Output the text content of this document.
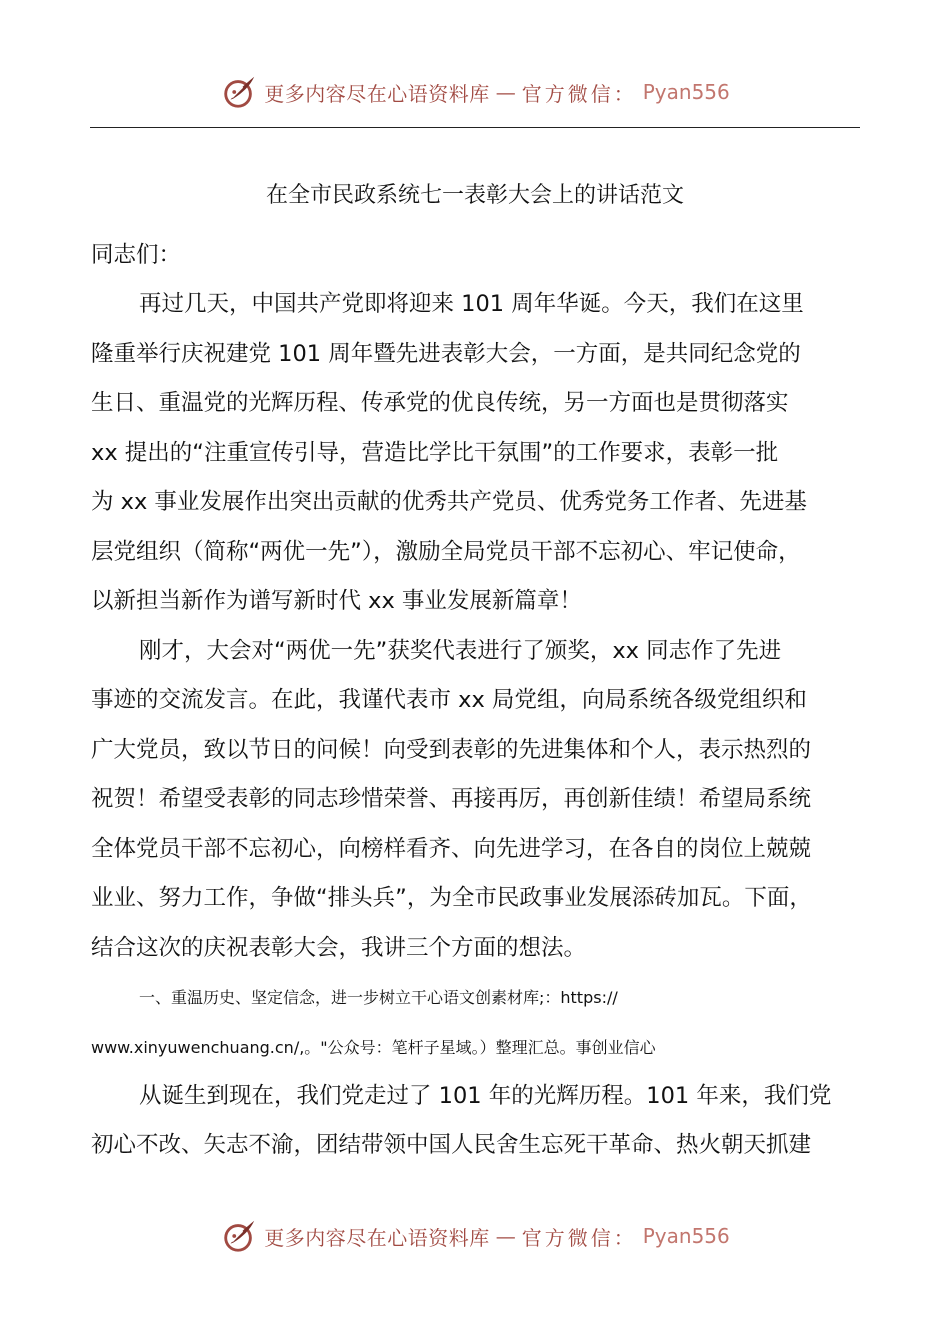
更多内容尽在心语资料库 — 官方微信： Pyan556
在全市民政系统七一表彰大会上的讲话范文
同志们：
再过几天，中国共产党即将迎来 101 周年华诞。今天，我们在这里
隆重举行庆祝建党 101 周年暨先进表彰大会，一方面，是共同纪念党的
生日、重温党的光辉历程、传承党的优良传统，另一方面也是贯彻落实
xx 提出的“注重宣传引导，营造比学比干氛围”的工作要求，表彰一批
为 xx 事业发展作出突出贡献的优秀共产党员、优秀党务工作者、先进基
层党组织（简称“两优一先”），激励全局党员干部不忘初心、牢记使命，
以新担当新作为谱写新时代 xx 事业发展新篇章！
刚才，大会对“两优一先”获奖代表进行了颁奖，xx 同志作了先进
事迹的交流发言。在此，我谨代表市 xx 局党组，向局系统各级党组织和
广大党员，致以节日的问候！向受到表彰的先进集体和个人，表示热烈的
祝贺！希望受表彰的同志珍惜荣誉、再接再厉，再创新佳绩！希望局系统
全体党员干部不忘初心，向榜样看齐、向先进学习，在各自的岗位上兢兢
业业、努力工作，争做“排头兵”，为全市民政事业发展添砖加瓦。下面，
结合这次的庆祝表彰大会，我讲三个方面的想法。
一、重温历史、坚定信念，进一步树立干心语文创素材库;：https://
www.xinyuwenchuang.cn/,。"公众号：笔杆子星域。）整理汇总。事创业信心
从诞生到现在，我们党走过了 101 年的光辉历程。101 年来，我们党
初心不改、矢志不渝，团结带领中国人民舍生忘死干革命、热火朝天抓建
更多内容尽在心语资料库 — 官方微信： Pyan556
